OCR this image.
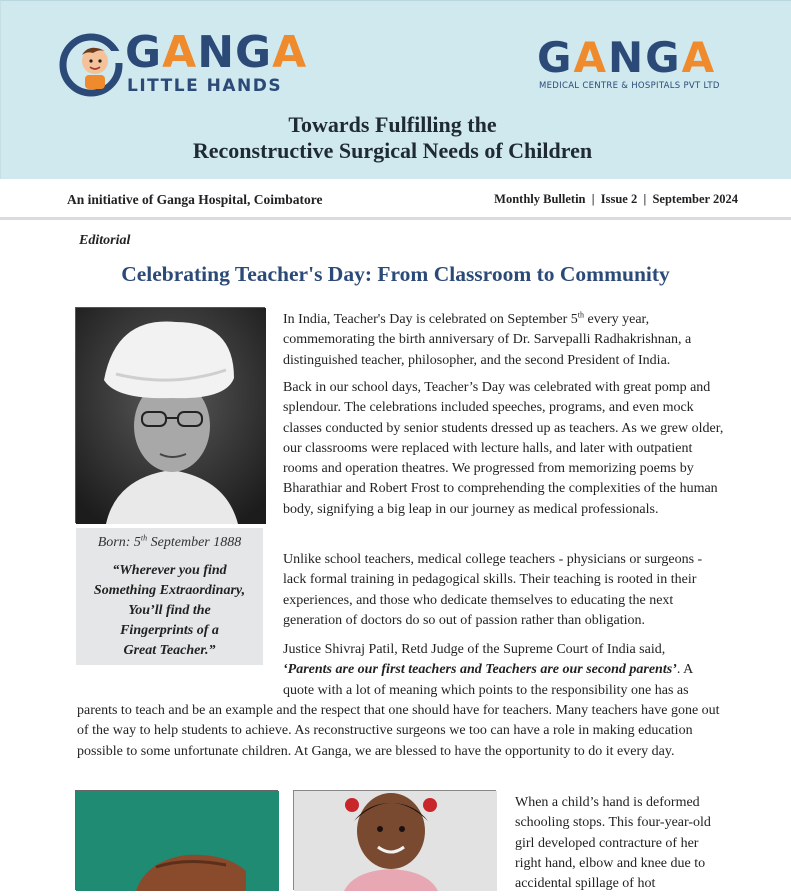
GANGA
LITTLE HANDS
GANGA
MEDICAL CENTRE & HOSPITALS PVT LTD
Towards Fulfilling the
Reconstructive Surgical Needs of Children
An initiative of Ganga Hospital, Coimbatore	Monthly Bulletin  |  Issue 2  |  September 2024
Editorial
Celebrating Teacher's Day: From Classroom to Community
Born: 5th September 1888
“Wherever you find
Something Extraordinary,
You’ll find the
Fingerprints of a
Great Teacher.”

In India, Teacher's Day is celebrated on September 5th every year, commemorating the birth anniversary of Dr. Sarvepalli Radhakrishnan, a distinguished teacher, philosopher, and the second President of India.

Back in our school days, Teacher’s Day was celebrated with great pomp and splendour. The celebrations included speeches, programs, and even mock classes conducted by senior students dressed up as teachers. As we grew older, our classrooms were replaced with lecture halls, and later with outpatient rooms and operation theatres. We progressed from memorizing poems by Bharathiar and Robert Frost to comprehending the complexities of the human body, signifying a big leap in our journey as medical professionals.

Unlike school teachers, medical college teachers - physicians or surgeons - lack formal training in pedagogical skills. Their teaching is rooted in their experiences, and those who dedicate themselves to educating the next generation of doctors do so out of passion rather than obligation.

Justice Shivraj Patil, Retd Judge of the Supreme Court of India said,
‘Parents are our first teachers and Teachers are our second parents’. A quote with a lot of meaning which points to the responsibility one has as

parents to teach and be an example and the respect that one should have for teachers. Many teachers have gone out of the way to help students to achieve. As reconstructive surgeons we too can have a role in making education possible to some unfortunate children. At Ganga, we are blessed to have the opportunity to do it every day.

When a child’s hand is deformed schooling stops. This four-year-old girl developed contracture of her right hand, elbow and knee due to accidental spillage of hot
